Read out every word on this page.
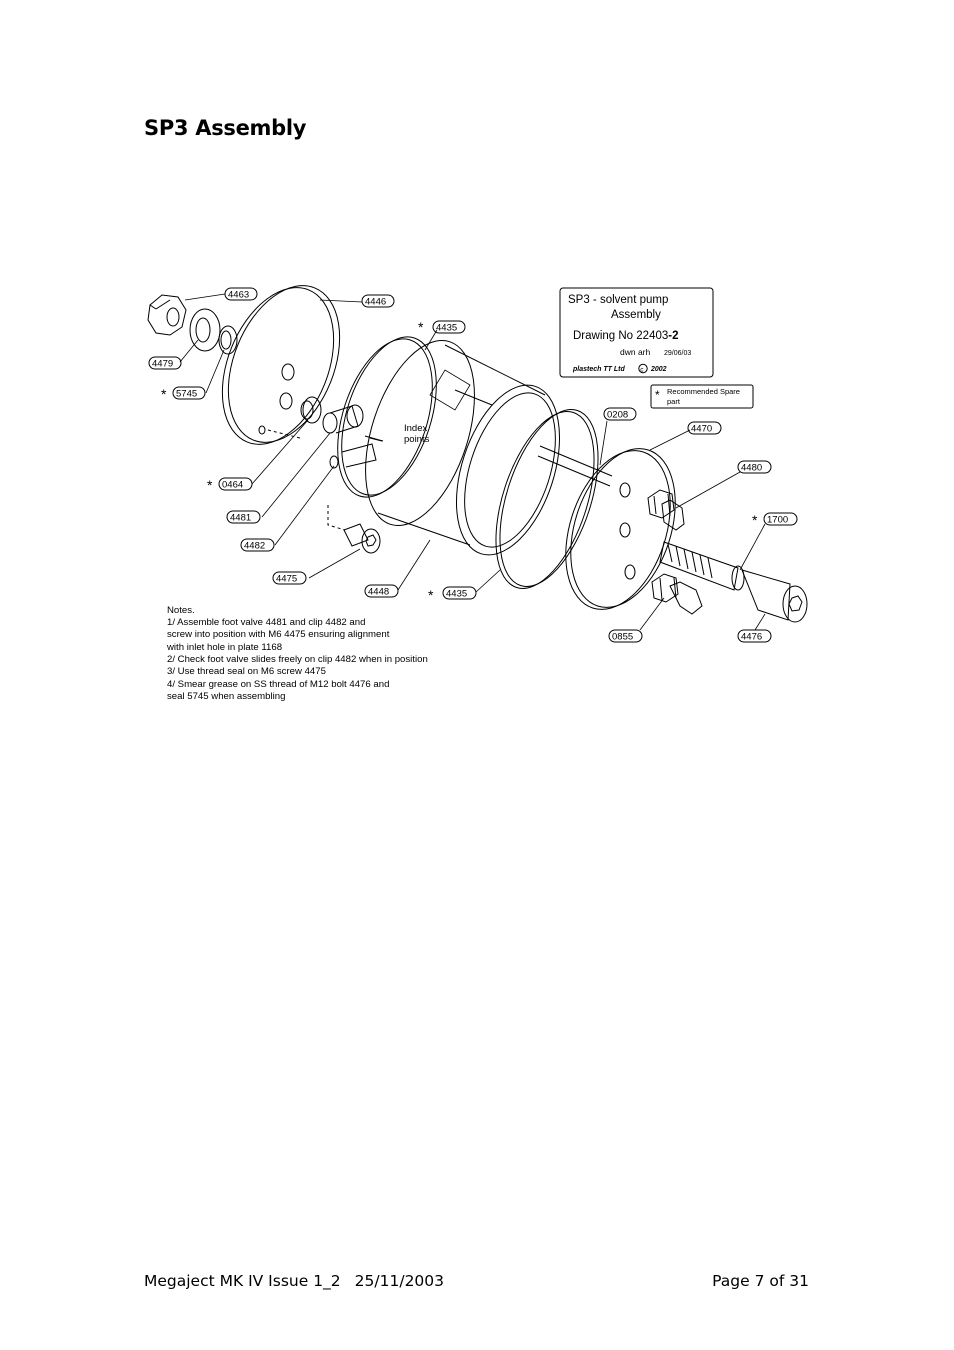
SP3 Assembly
SP3 - solvent pump
Assembly
Drawing No 22403-2
dwn arh 29/06/03
plastech TT Ltd c 2002
* Recommended Spare
part
4463
4446
* 4435
4479
* 5745
0208
4470
4480
* 0464
4481	* 1700
4482
4475
4448	* 4435
0855	4476
Index
points
Notes.
1/ Assemble foot valve 4481 and clip 4482 and
screw into position with M6 4475 ensuring alignment
with inlet hole in plate 1168
2/ Check foot valve slides freely on clip 4482 when in position
3/ Use thread seal on M6 screw 4475
4/ Smear grease on SS thread of M12 bolt 4476 and
seal 5745 when assembling
Megaject MK IV Issue 1_2 25/11/2003	Page 7 of 31
